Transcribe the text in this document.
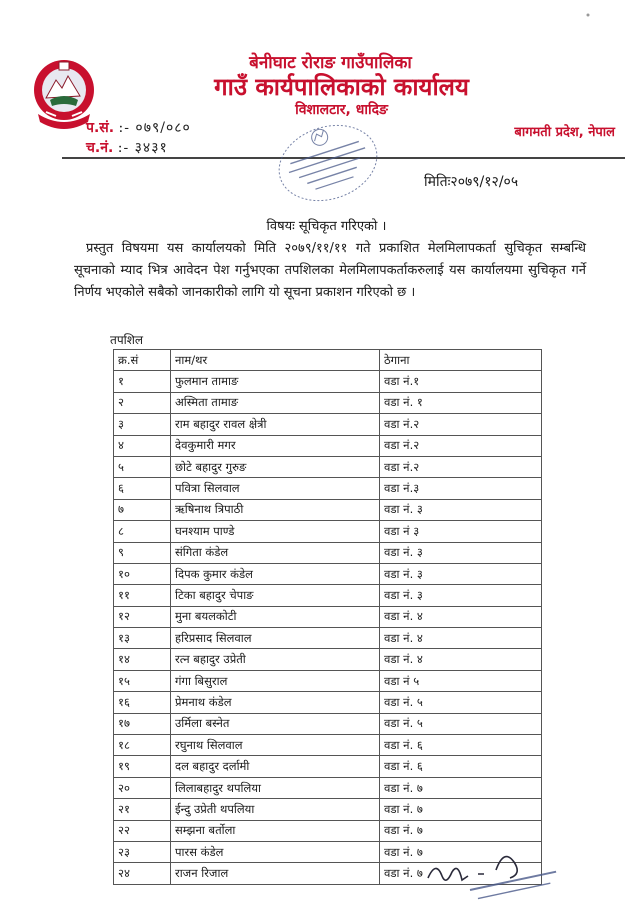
बेनीघाट रोराङ गाउँपालिका
गाउँ कार्यपालिकाको कार्यालय
विशालटार, धादिङ
बागमती प्रदेश, नेपाल
प.सं. :- ०७९/०८०
च.नं. :- ३४३१
मितिः२०७९/१२/०५
विषयः सूचिकृत गरिएको ।
प्रस्तुत विषयमा यस कार्यालयको मिति २०७९/११/११ गते प्रकाशित मेलमिलापकर्ता सुचिकृत सम्बन्धि सूचनाको म्याद भित्र आवेदन पेश गर्नुभएका तपशिलका मेलमिलापकर्ताकरुलाई यस कार्यालयमा सुचिकृत गर्ने निर्णय भएकोले सबैको जानकारीको लागि यो सूचना प्रकाशन गरिएको छ ।
तपशिल
क्र.सं	नाम/थर	ठेगाना
१	फुलमान तामाङ	वडा नं.१
२	अस्मिता तामाङ	वडा नं. १
३	राम बहादुर रावल क्षेत्री	वडा नं.२
४	देवकुमारी मगर	वडा नं.२
५	छोटे बहादुर गुरुङ	वडा नं.२
६	पवित्रा सिलवाल	वडा नं.३
७	ऋषिनाथ त्रिपाठी	वडा नं. ३
८	घनश्याम पाण्डे	वडा नं ३
९	संगिता कंडेल	वडा नं. ३
१०	दिपक कुमार कंडेल	वडा नं. ३
११	टिका बहादुर चेपाङ	वडा नं. ३
१२	मुना बयलकोटी	वडा नं. ४
१३	हरिप्रसाद सिलवाल	वडा नं. ४
१४	रत्न बहादुर उप्रेती	वडा नं. ४
१५	गंगा बिसुराल	वडा नं ५
१६	प्रेमनाथ कंडेल	वडा नं. ५
१७	उर्मिला बस्नेत	वडा नं. ५
१८	रघुनाथ सिलवाल	वडा नं. ६
१९	दल बहादुर दर्लामी	वडा नं. ६
२०	लिलाबहादुर थपलिया	वडा नं. ७
२१	ईन्दु उप्रेती थपलिया	वडा नं. ७
२२	सम्झना बर्तोला	वडा नं. ७
२३	पारस कंडेल	वडा नं. ७
२४	राजन रिजाल	वडा नं. ७
